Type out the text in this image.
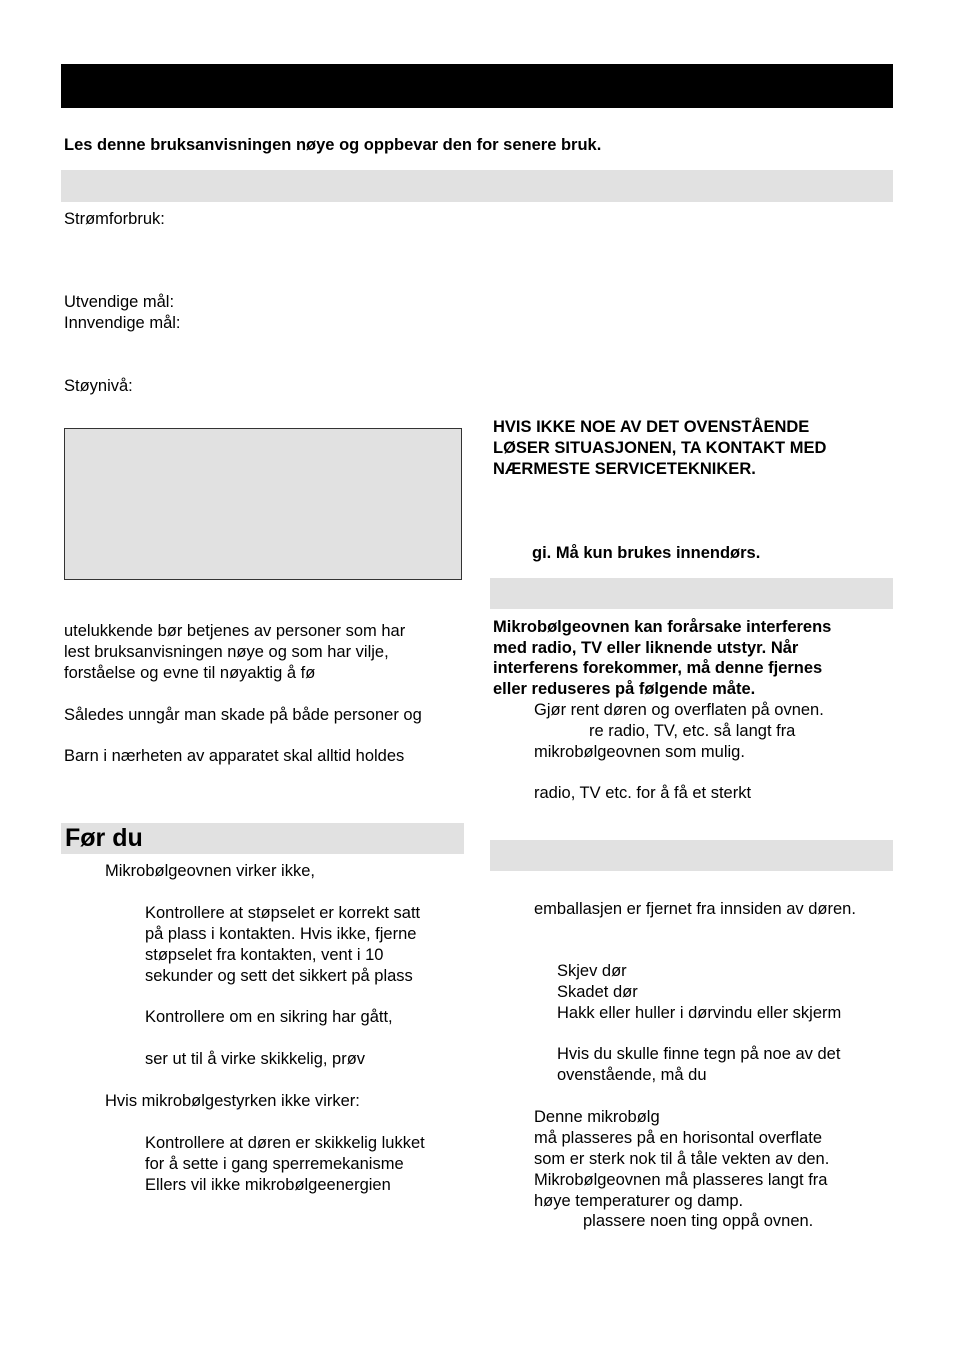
Les denne bruksanvisningen nøye og oppbevar den for senere bruk.
Strømforbruk:
Utvendige mål:
Innvendige mål:
Støynivå:
utelukkende bør betjenes av personer som har
lest bruksanvisningen nøye og som har vilje,
forståelse og evne til nøyaktig å fø
Således unngår man skade på både personer og
Barn i nærheten av apparatet skal alltid holdes
Før du
Mikrobølgeovnen virker ikke,
Kontrollere at støpselet er korrekt satt
på plass i kontakten. Hvis ikke, fjerne
støpselet fra kontakten, vent i 10
sekunder og sett det sikkert på plass
Kontrollere om en sikring har gått,
ser ut til å virke skikkelig, prøv
Hvis mikrobølgestyrken ikke virker:
Kontrollere at døren er skikkelig lukket
for å sette i gang sperremekanisme
Ellers vil ikke mikrobølgeenergien
HVIS IKKE NOE AV DET OVENSTÅENDE
LØSER SITUASJONEN, TA KONTAKT MED
NÆRMESTE SERVICETEKNIKER.
gi. Må kun brukes innendørs.
Mikrobølgeovnen kan forårsake interferens
med radio, TV eller liknende utstyr. Når
interferens forekommer, må denne fjernes
eller reduseres på følgende måte.
Gjør rent døren og overflaten på ovnen.
re radio, TV, etc. så langt fra
mikrobølgeovnen som mulig.
radio, TV etc. for å få et sterkt
emballasjen er fjernet fra innsiden av døren.
Skjev dør
Skadet dør
Hakk eller huller i dørvindu eller skjerm
Hvis du skulle finne tegn på noe av det
ovenstående, må du
Denne mikrobølg
må plasseres på en horisontal overflate
som er sterk nok til å tåle vekten av den.
Mikrobølgeovnen må plasseres langt fra
høye temperaturer og damp.
plassere noen ting oppå ovnen.
